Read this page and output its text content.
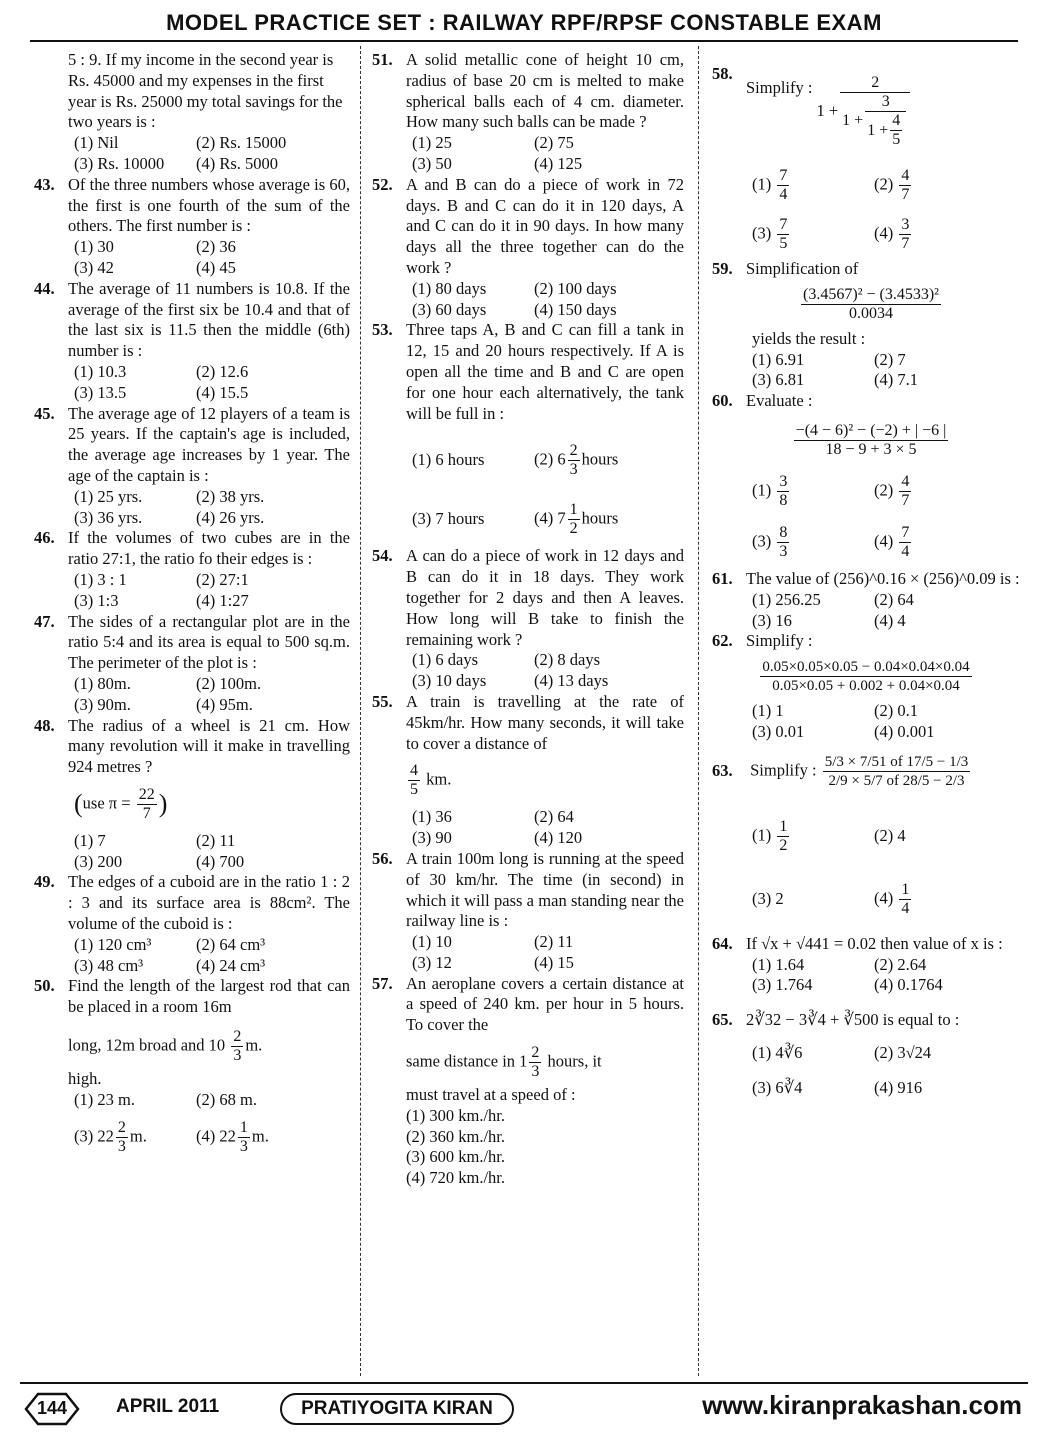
MODEL PRACTICE SET : RAILWAY RPF/RPSF CONSTABLE EXAM
5 : 9. If my income in the second year is Rs. 45000 and my expenses in the first year is Rs. 25000 my total savings for the two years is :
(1) Nil	(2) Rs. 15000
(3) Rs. 10000	(4) Rs. 5000
43. Of the three numbers whose average is 60, the first is one fourth of the sum of the others. The first number is :
(1) 30	(2) 36
(3) 42	(4) 45
44. The average of 11 numbers is 10.8. If the average of the first six be 10.4 and that of the last six is 11.5 then the middle (6th) number is :
(1) 10.3	(2) 12.6
(3) 13.5	(4) 15.5
45. The average age of 12 players of a team is 25 years. If the captain's age is included, the average age increases by 1 year. The age of the captain is :
(1) 25 yrs.	(2) 38 yrs.
(3) 36 yrs.	(4) 26 yrs.
46. If the volumes of two cubes are in the ratio 27:1, the ratio fo their edges is :
(1) 3 : 1	(2) 27:1
(3) 1:3	(4) 1:27
47. The sides of a rectangular plot are in the ratio 5:4 and its area is equal to 500 sq.m. The perimeter of the plot is :
(1) 80m.	(2) 100m.
(3) 90m.	(4) 95m.
48. The radius of a wheel is 21 cm. How many revolution will it make in travelling 924 metres ?
(use $\pi = \frac{22}{7}$ )
(1) 7	(2) 11
(3) 200	(4) 700
49. The edges of a cuboid are in the ratio 1 : 2 : 3 and its surface area is 88cm². The volume of the cuboid is :
(1) 120 cm³	(2) 64 cm³
(3) 48 cm³	(4) 24 cm³
50. Find the length of the largest rod that can be placed in a room 16m
long, 12m broad and $10 \frac{2}{3} m$.
high.
(1) 23 m.	(2) 68 m.
(3) $22 \frac{2}{3} m$.	(4) $22 \frac{1}{3} m$.
51. A solid metallic cone of height 10 cm, radius of base 20 cm is melted to make spherical balls each of 4 cm. diameter. How many such balls can be made ?
(1) 25	(2) 75
(3) 50	(4) 125
52. A and B can do a piece of work in 72 days. B and C can do it in 120 days, A and C can do it in 90 days. In how many days all the three together can do the work ?
(1) 80 days	(2) 100 days
(3) 60 days	(4) 150 days
53. Three taps A, B and C can fill a tank in 12, 15 and 20 hours respectively. If A is open all the time and B and C are open for one hour each alternatively, the tank will be full in :
(1) 6 hours	(2) $6 \frac{2}{3}$ hours
(3) 7 hours	(4) $7 \frac{1}{2}$ hours
54. A can do a piece of work in 12 days and B can do it in 18 days. They work together for 2 days and then A leaves. How long will B take to finish the remaining work ?
(1) 6 days	(2) 8 days
(3) 10 days	(4) 13 days
55. A train is travelling at the rate of 45km/hr. How many seconds, it will take to cover a distance of
$\frac{4}{5}$ km.
(1) 36	(2) 64
(3) 90	(4) 120
56. A train 100m long is running at the speed of 30 km/hr. The time (in second) in which it will pass a man standing near the railway line is :
(1) 10	(2) 11
(3) 12	(4) 15
57. An aeroplane covers a certain distance at a speed of 240 km. per hour in 5 hours. To cover the
same distance in $1 \frac{2}{3}$ hours, it
must travel at a speed of :
(1) 300 km./hr.
(2) 360 km./hr.
(3) 600 km./hr.
(4) 720 km./hr.
58.
Simplify :
1 +
2
$1 + \frac{3}{1 + \frac{4}{5}}$
$(1) \frac{7}{4}$	$(2) \frac{4}{7}$
$(3) \frac{7}{5}$	$(4) \frac{3}{7}$
59. Simplification of
$\frac{\text{(3.4567)² − (3.4533)²}}{0.0034}$
yields the result :
(1) 6.91	(2) 7
(3) 6.81	(4) 7.1
60. Evaluate :
$\frac{\text{−(4 − 6)² − (−2) + | −6 |}}{18 - 9 + 3 \times 5}$
$(1) \frac{3}{8}$	$(2) \frac{4}{7}$
$(3) \frac{8}{3}$	$(4) \frac{7}{4}$
61. The value of (256)^0.16 × (256)^0.09 is :
(1) 256.25	(2) 64
(3) 16	(4) 4
62. Simplify :
$\frac{0.05\times 0.05\times 0.05 - 0.04\times 0.04\times 0.04}{0.05\times 0.05 + 0.002 + 0.04\times 0.04}$
(1) 1	(2) 0.1
(3) 0.01	(4) 0.001
63. Simplify : $\frac{5/3 \times 7/51 of 17/5 - 1/3}{2/9 \times 5/7 of 28/5 - 2/3}$
$(1) \frac{1}{2}$	(2) 4
(3) 2	$(4) \frac{1}{4}$
64. If √x + √441 = 0.02 then value of x is :
(1) 1.64	(2) 2.64
(3) 1.764	(4) 0.1764
65. 2∛32 − 3∛4 + ∛500 is equal to :
(1) 4∛6	(2) 3√24
(3) 6∛4	(4) 916
144	APRIL 2011	PRATIYOGITA KIRAN	www.kiranprakashan.com
